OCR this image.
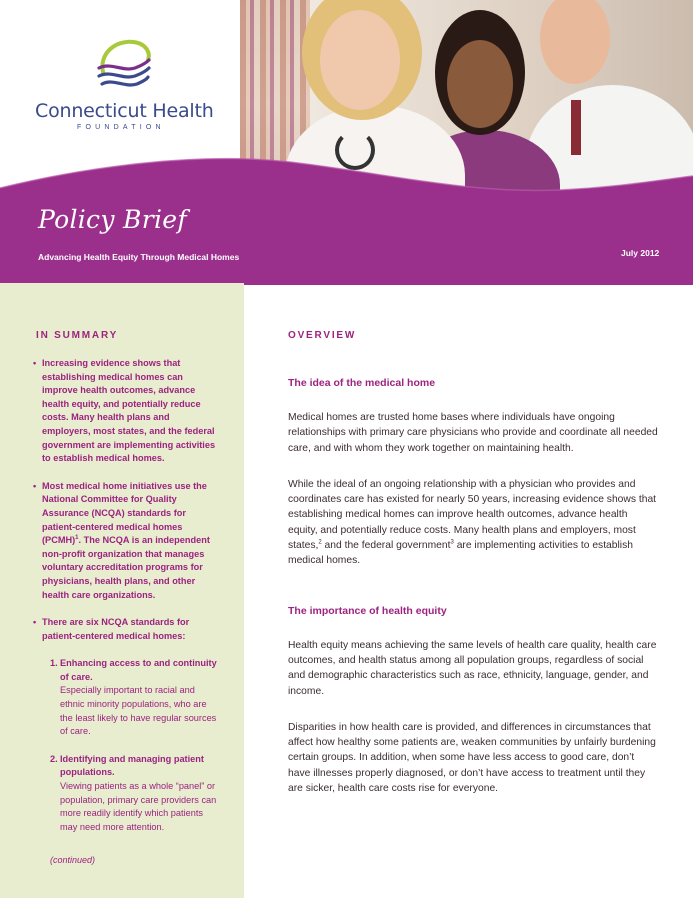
Connecticut Health
FOUNDATION
Policy Brief
Advancing Health Equity Through Medical Homes	July 2012
IN SUMMARY
• Increasing evidence shows that establishing medical homes can improve health outcomes, advance health equity, and potentially reduce costs. Many health plans and employers, most states, and the federal government are implementing activities to establish medical homes.
• Most medical home initiatives use the National Committee for Quality Assurance (NCQA) standards for patient-centered medical homes (PCMH)$^1$. The NCQA is an independent non-profit organization that manages voluntary accreditation programs for physicians, health plans, and other health care organizations.
• There are six NCQA standards for patient-centered medical homes:
1. Enhancing access to and continuity of care.
Especially important to racial and ethnic minority populations, who are the least likely to have regular sources of care.
2. Identifying and managing patient populations.
Viewing patients as a whole “panel” or population, primary care providers can more readily identify which patients may need more attention.
(continued)
OVERVIEW
The idea of the medical home

Medical homes are trusted home bases where individuals have ongoing relationships with primary care physicians who provide and coordinate all needed care, and with whom they work together on maintaining health.

While the ideal of an ongoing relationship with a physician who provides and coordinates care has existed for nearly 50 years, increasing evidence shows that establishing medical homes can improve health outcomes, advance health equity, and potentially reduce costs. Many health plans and employers, most states,$^2$ and the federal government$^3$ are implementing activities to establish medical homes.

The importance of health equity

Health equity means achieving the same levels of health care quality, health care outcomes, and health status among all population groups, regardless of social and demographic characteristics such as race, ethnicity, language, gender, and income.

Disparities in how health care is provided, and differences in circumstances that affect how healthy some patients are, weaken communities by unfairly burdening certain groups. In addition, when some have less access to good care, don’t have illnesses properly diagnosed, or don’t have access to treatment until they are sicker, health care costs rise for everyone.
